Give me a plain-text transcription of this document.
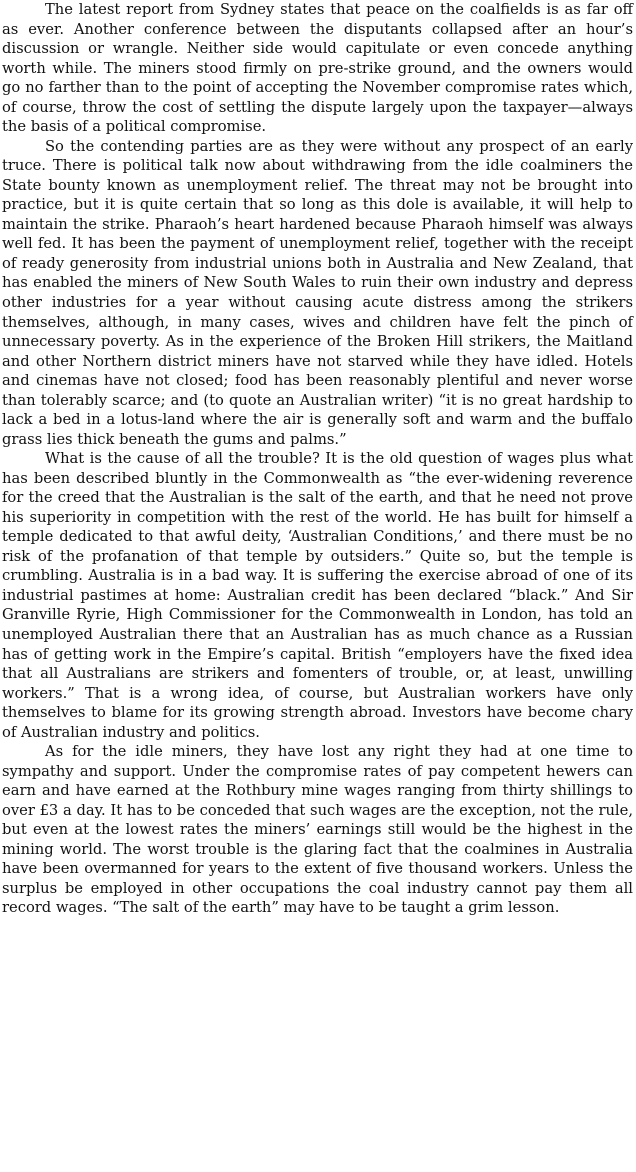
The latest report from Sydney states that peace on the coalfields is as far off as ever. Another conference between the disputants collapsed after an hour’s discussion or wrangle. Neither side would capitulate or even concede anything worth while. The miners stood firmly on pre-strike ground, and the owners would go no farther than to the point of accepting the November compromise rates which, of course, throw the cost of settling the dispute largely upon the taxpayer—always the basis of a political compromise.

So the contending parties are as they were without any prospect of an early truce. There is political talk now about withdrawing from the idle coalminers the State bounty known as unemployment relief. The threat may not be brought into practice, but it is quite certain that so long as this dole is available, it will help to maintain the strike. Pharaoh’s heart hardened because Pharaoh himself was always well fed. It has been the payment of unemployment relief, together with the receipt of ready generosity from industrial unions both in Australia and New Zealand, that has enabled the miners of New South Wales to ruin their own industry and depress other industries for a year without causing acute distress among the strikers themselves, although, in many cases, wives and children have felt the pinch of unnecessary poverty. As in the experience of the Broken Hill strikers, the Maitland and other Northern district miners have not starved while they have idled. Hotels and cinemas have not closed; food has been reasonably plentiful and never worse than tolerably scarce; and (to quote an Australian writer) “it is no great hardship to lack a bed in a lotus-land where the air is generally soft and warm and the buffalo grass lies thick beneath the gums and palms.”

What is the cause of all the trouble? It is the old question of wages plus what has been described bluntly in the Commonwealth as “the ever-widening reverence for the creed that the Australian is the salt of the earth, and that he need not prove his superiority in competition with the rest of the world. He has built for himself a temple dedicated to that awful deity, ‘Australian Conditions,’ and there must be no risk of the profanation of that temple by outsiders.” Quite so, but the temple is crumbling. Australia is in a bad way. It is suffering the exercise abroad of one of its industrial pastimes at home: Australian credit has been declared “black.” And Sir Granville Ryrie, High Commissioner for the Commonwealth in London, has told an unemployed Australian there that an Australian has as much chance as a Russian has of getting work in the Empire’s capital. British “employers have the fixed idea that all Australians are strikers and fomenters of trouble, or, at least, unwilling workers.” That is a wrong idea, of course, but Australian workers have only themselves to blame for its growing strength abroad. Investors have become chary of Australian industry and politics.

As for the idle miners, they have lost any right they had at one time to sympathy and support. Under the compromise rates of pay competent hewers can earn and have earned at the Rothbury mine wages ranging from thirty shillings to over £3 a day. It has to be conceded that such wages are the exception, not the rule, but even at the lowest rates the miners’ earnings still would be the highest in the mining world. The worst trouble is the glaring fact that the coalmines in Australia have been overmanned for years to the extent of five thousand workers. Unless the surplus be employed in other occupations the coal industry cannot pay them all record wages. “The salt of the earth” may have to be taught a grim lesson.
